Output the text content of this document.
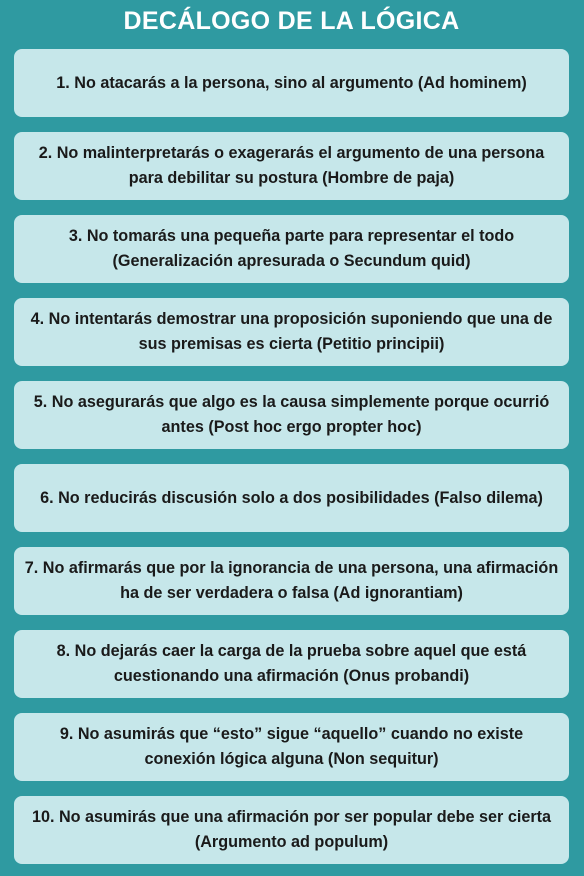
DECÁLOGO DE LA LÓGICA
1. No atacarás a la persona, sino al argumento (Ad hominem)
2. No malinterpretarás o exagerarás el argumento de una persona para debilitar su postura (Hombre de paja)
3. No tomarás una pequeña parte para representar el todo (Generalización apresurada o Secundum quid)
4. No intentarás demostrar una proposición suponiendo que una de sus premisas es cierta (Petitio principii)
5. No asegurarás que algo es la causa simplemente porque ocurrió antes (Post hoc ergo propter hoc)
6. No reducirás discusión solo a dos posibilidades (Falso dilema)
7. No afirmarás que por la ignorancia de una persona, una afirmación ha de ser verdadera o falsa (Ad ignorantiam)
8. No dejarás caer la carga de la prueba sobre aquel que está cuestionando una afirmación (Onus probandi)
9. No asumirás que “esto” sigue “aquello” cuando no existe conexión lógica alguna (Non sequitur)
10. No asumirás que una afirmación por ser popular debe ser cierta (Argumento ad populum)
